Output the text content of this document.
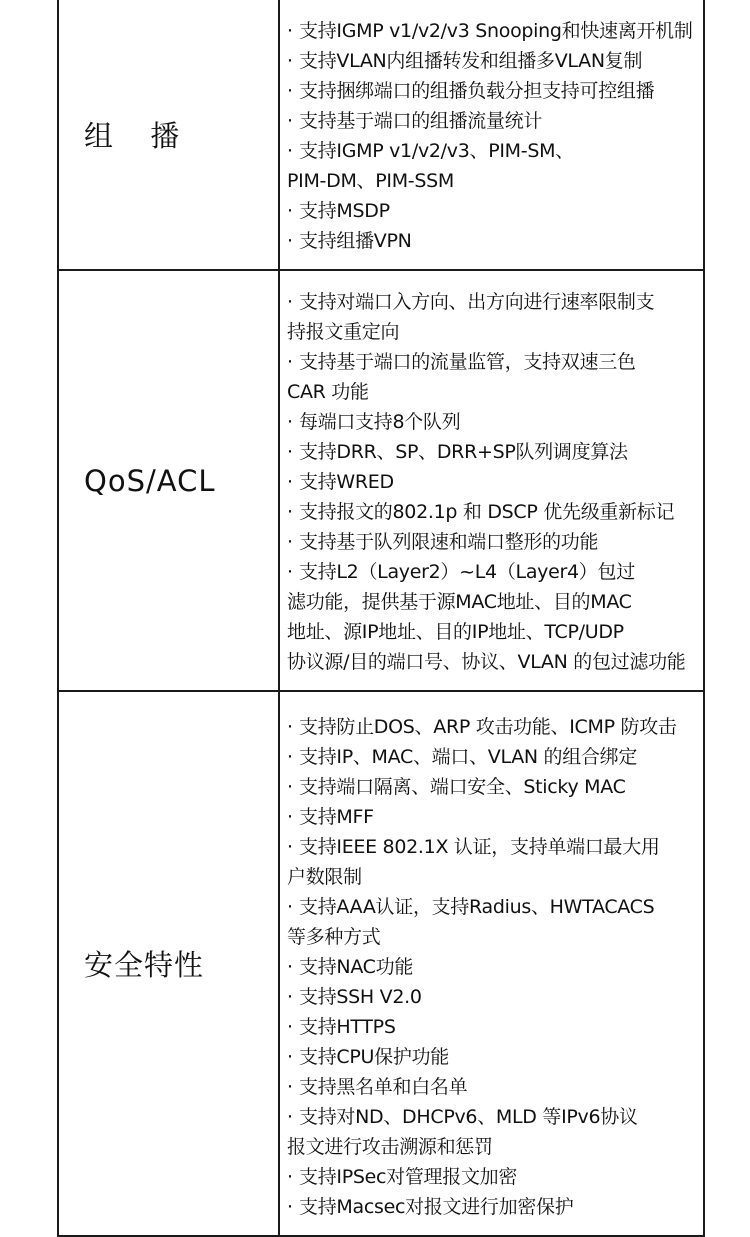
组 播
· 支持IGMP v1/v2/v3 Snooping和快速离开机制
· 支持VLAN内组播转发和组播多VLAN复制
· 支持捆绑端口的组播负载分担支持可控组播
· 支持基于端口的组播流量统计
· 支持IGMP v1/v2/v3、PIM-SM、
PIM-DM、PIM-SSM
· 支持MSDP
· 支持组播VPN
QoS/ACL
· 支持对端口入方向、出方向进行速率限制支
持报文重定向
· 支持基于端口的流量监管，支持双速三色
CAR 功能
· 每端口支持8个队列
· 支持DRR、SP、DRR+SP队列调度算法
· 支持WRED
· 支持报文的802.1p 和 DSCP 优先级重新标记
· 支持基于队列限速和端口整形的功能
· 支持L2（Layer2）~L4（Layer4）包过
滤功能，提供基于源MAC地址、目的MAC
地址、源IP地址、目的IP地址、TCP/UDP
协议源/目的端口号、协议、VLAN 的包过滤功能
安全特性
· 支持防止DOS、ARP 攻击功能、ICMP 防攻击
· 支持IP、MAC、端口、VLAN 的组合绑定
· 支持端口隔离、端口安全、Sticky MAC
· 支持MFF
· 支持IEEE 802.1X 认证，支持单端口最大用
户数限制
· 支持AAA认证，支持Radius、HWTACACS
等多种方式
· 支持NAC功能
· 支持SSH V2.0
· 支持HTTPS
· 支持CPU保护功能
· 支持黑名单和白名单
· 支持对ND、DHCPv6、MLD 等IPv6协议
报文进行攻击溯源和惩罚
· 支持IPSec对管理报文加密
· 支持Macsec对报文进行加密保护
